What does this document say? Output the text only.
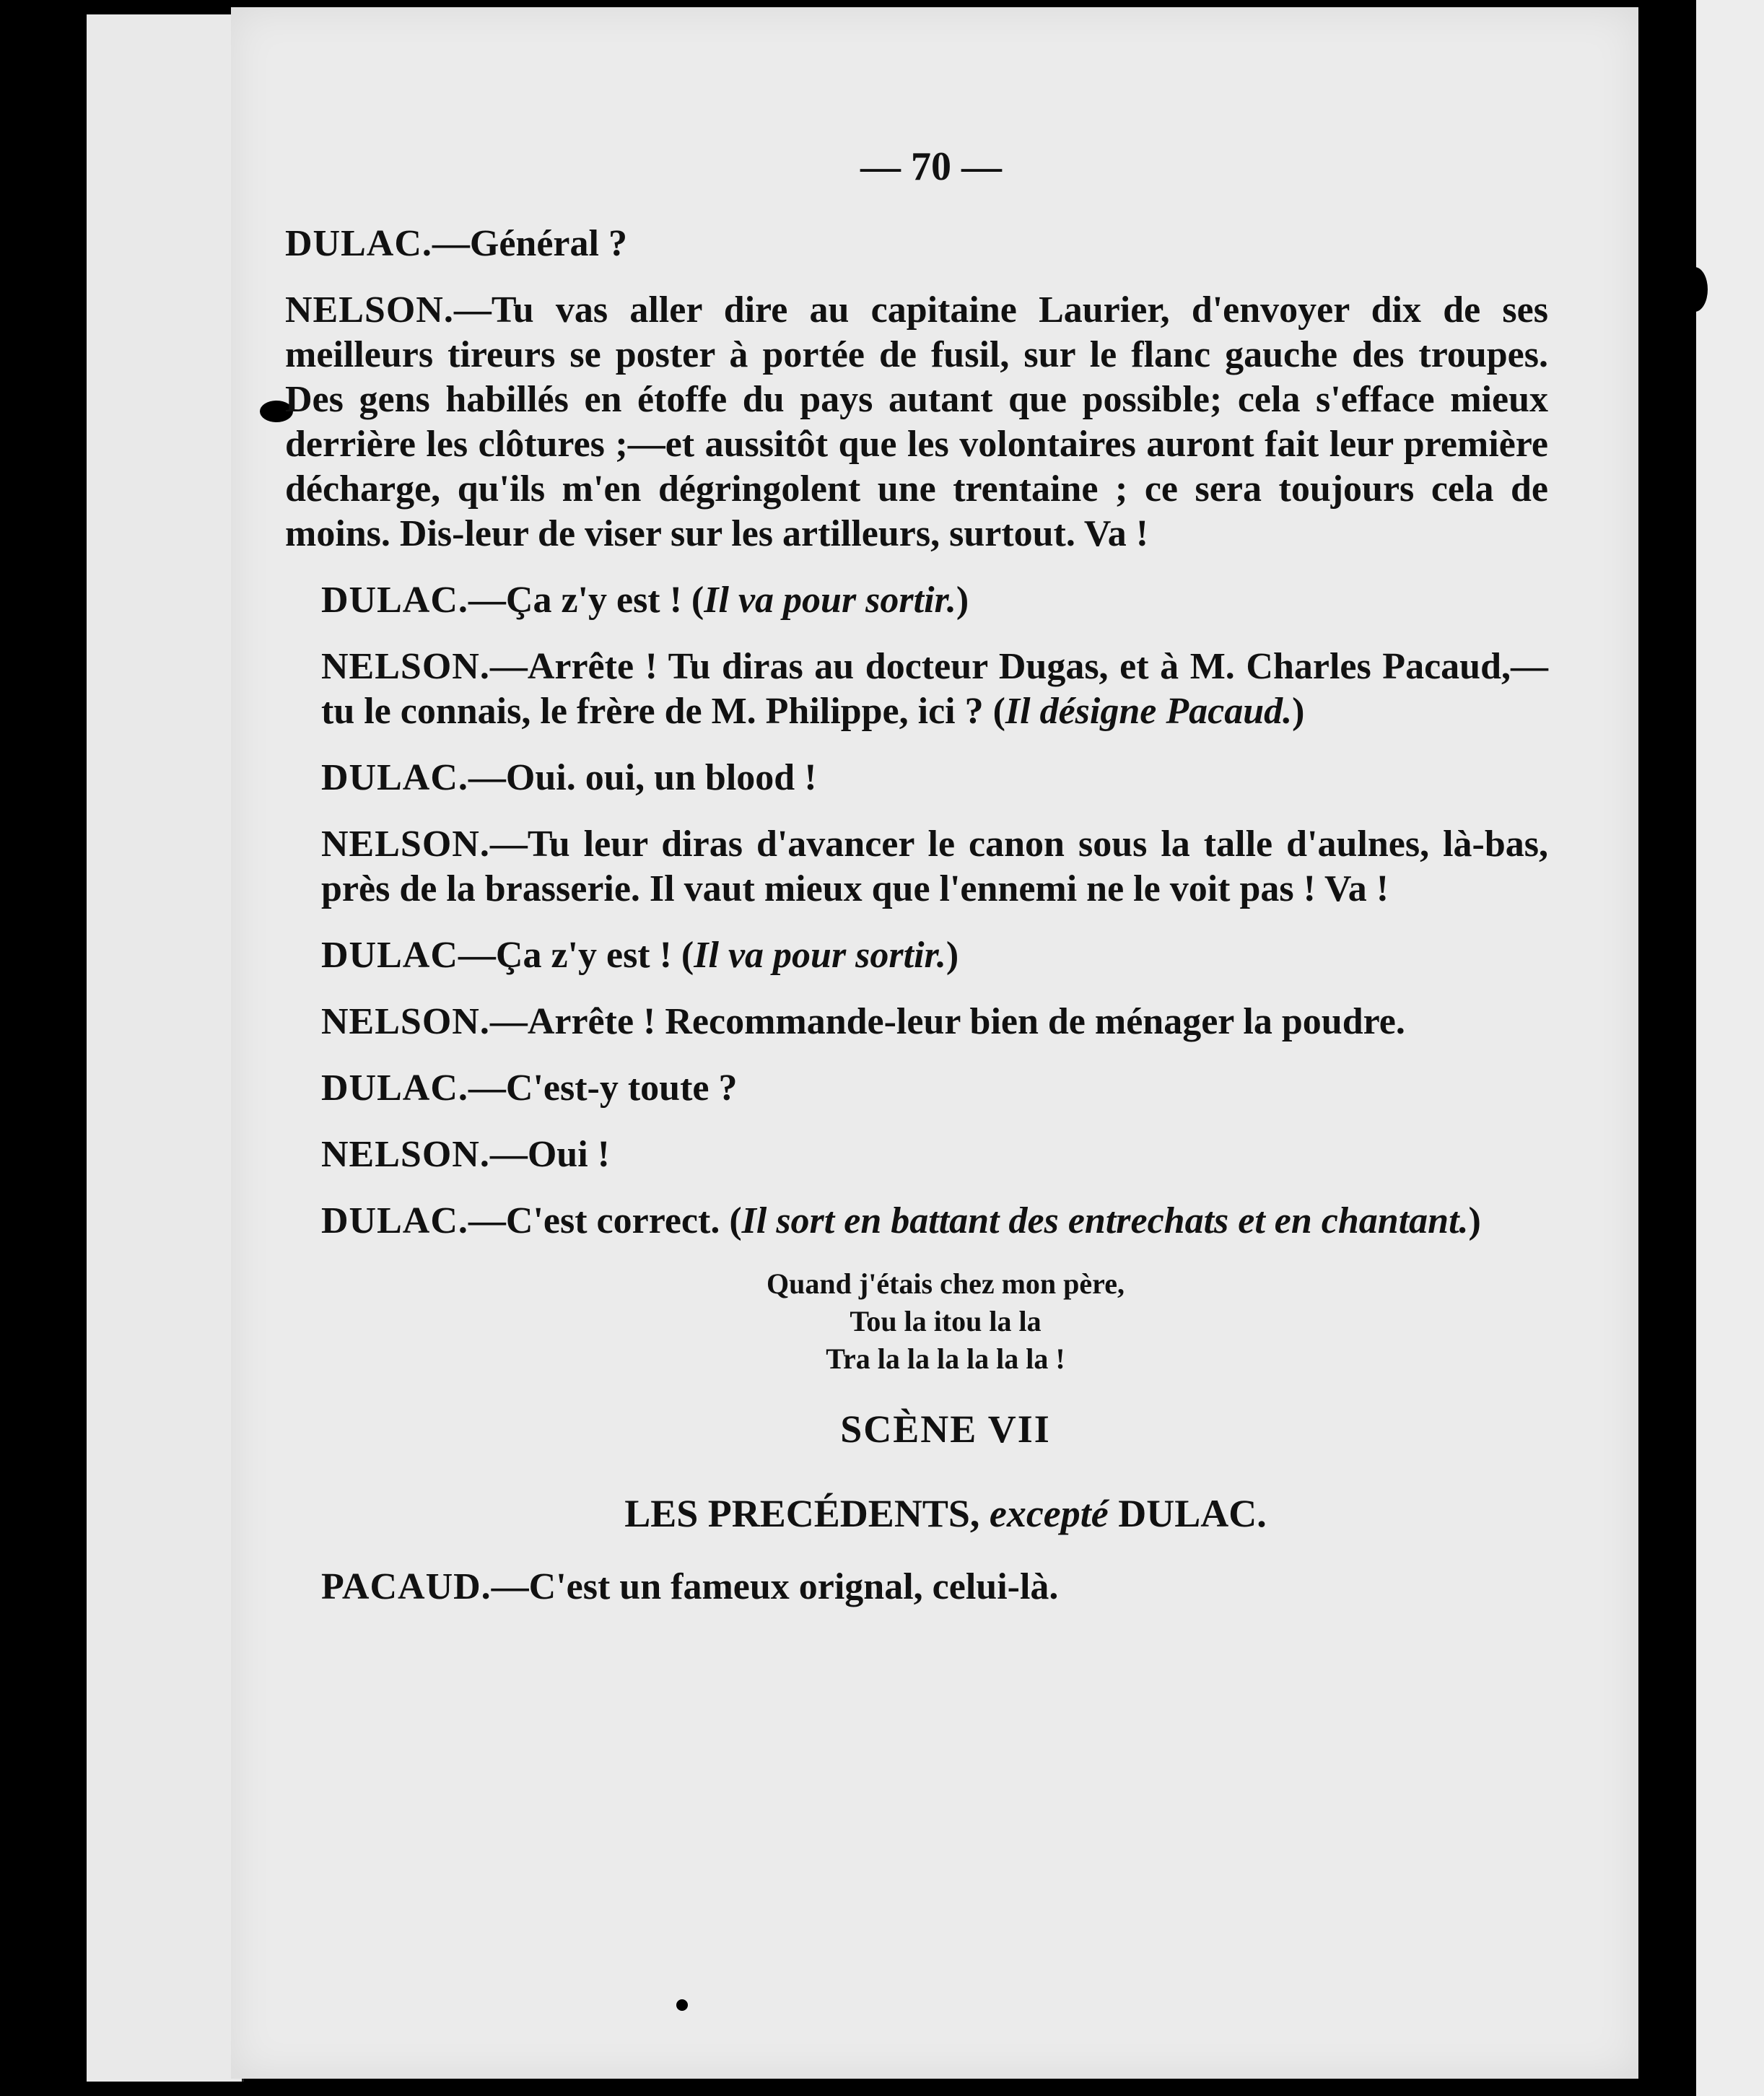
— 70 —
DULAC.—Général ?
NELSON.—Tu vas aller dire au capitaine Laurier, d'envoyer dix de ses meilleurs tireurs se poster à portée de fusil, sur le flanc gauche des troupes. Des gens habillés en étoffe du pays autant que possible; cela s'efface mieux derrière les clôtures ;—et aussitôt que les volontaires auront fait leur première décharge, qu'ils m'en dégringolent une trentaine ; ce sera toujours cela de moins. Dis-leur de viser sur les artilleurs, surtout. Va !
DULAC.—Ça z'y est ! (Il va pour sortir.)
NELSON.—Arrête ! Tu diras au docteur Dugas, et à M. Charles Pacaud,—tu le connais, le frère de M. Philippe, ici ? (Il désigne Pacaud.)
DULAC.—Oui. oui, un blood !
NELSON.—Tu leur diras d'avancer le canon sous la talle d'aulnes, là-bas, près de la brasserie. Il vaut mieux que l'ennemi ne le voit pas ! Va !
DULAC—Ça z'y est ! (Il va pour sortir.)
NELSON.—Arrête ! Recommande-leur bien de ménager la poudre.
DULAC.—C'est-y toute ?
NELSON.—Oui !
DULAC.—C'est correct. (Il sort en battant des entrechats et en chantant.)
Quand j'étais chez mon père,
Tou la itou la la
Tra la la la la la la !
SCÈNE VII
LES PRECÉDENTS, excepté DULAC.
PACAUD.—C'est un fameux orignal, celui-là.
